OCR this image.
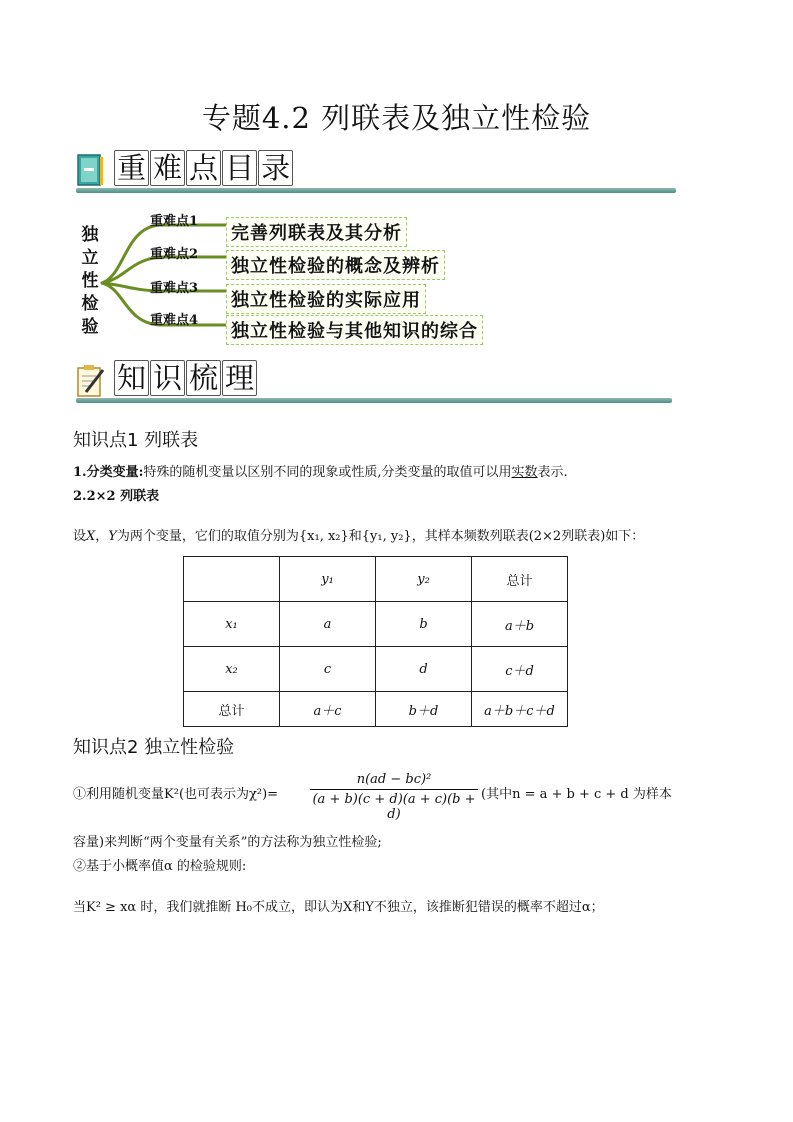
专题4.2 列联表及独立性检验
重 难 点 目 录
独
立
性
检
验
重难点1
重难点2
重难点3
重难点4
完善列联表及其分析
独立性检验的概念及辨析
独立性检验的实际应用
独立性检验与其他知识的综合
知 识 梳 理
知识点1 列联表
1.分类变量:特殊的随机变量以区别不同的现象或性质,分类变量的取值可以用实数表示.
2.2×2 列联表
设X，Y为两个变量，它们的取值分别为{x₁, x₂}和{y₁, y₂}，其样本频数列联表(2×2列联表)如下：
	y₁	y₂	总计
x₁	a	b	a＋b
x₂	c	d	c＋d
总计	a＋c	b＋d	a＋b＋c＋d
知识点2 独立性检验
①利用随机变量K²(也可表示为χ²)=
n(ad − bc)²
(a + b)(c + d)(a + c)(b + d)
(其中n = a + b + c + d 为样本
容量)来判断“两个变量有关系”的方法称为独立性检验;
②基于小概率值α 的检验规则:
当K² ≥ xα 时，我们就推断 H₀不成立，即认为X和Y不独立，该推断犯错误的概率不超过α；
